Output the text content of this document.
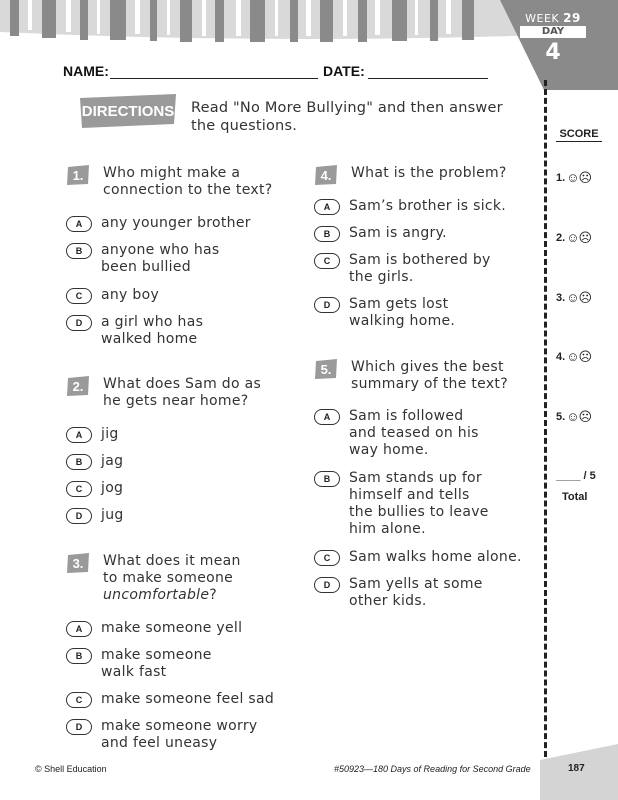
WEEK 29
DAY
4
NAME:	DATE:
DIRECTIONS Read "No More Bullying" and then answer the questions.	SCORE
1. ☺☹
2. ☺☹
3. ☺☹
4. ☺☹
5. ☺☹
____ / 5
Total
1. Who might make a
connection to the text?
A	any younger brother
B	anyone who has
been bullied
C	any boy
D	a girl who has
walked home
2. What does Sam do as
he gets near home?
A	jig
B	jag
C	jog
D	jug
3. What does it mean
to make someone
uncomfortable?
A	make someone yell
B	make someone
walk fast
C	make someone feel sad
D	make someone worry
and feel uneasy
4. What is the problem?
A	Sam’s brother is sick.
B	Sam is angry.
C	Sam is bothered by
the girls.
D	Sam gets lost
walking home.
5. Which gives the best
summary of the text?
A	Sam is followed
and teased on his
way home.
B	Sam stands up for
himself and tells
the bullies to leave
him alone.
C	Sam walks home alone.
D	Sam yells at some
other kids.
© Shell Education	#50923—180 Days of Reading for Second Grade	187
